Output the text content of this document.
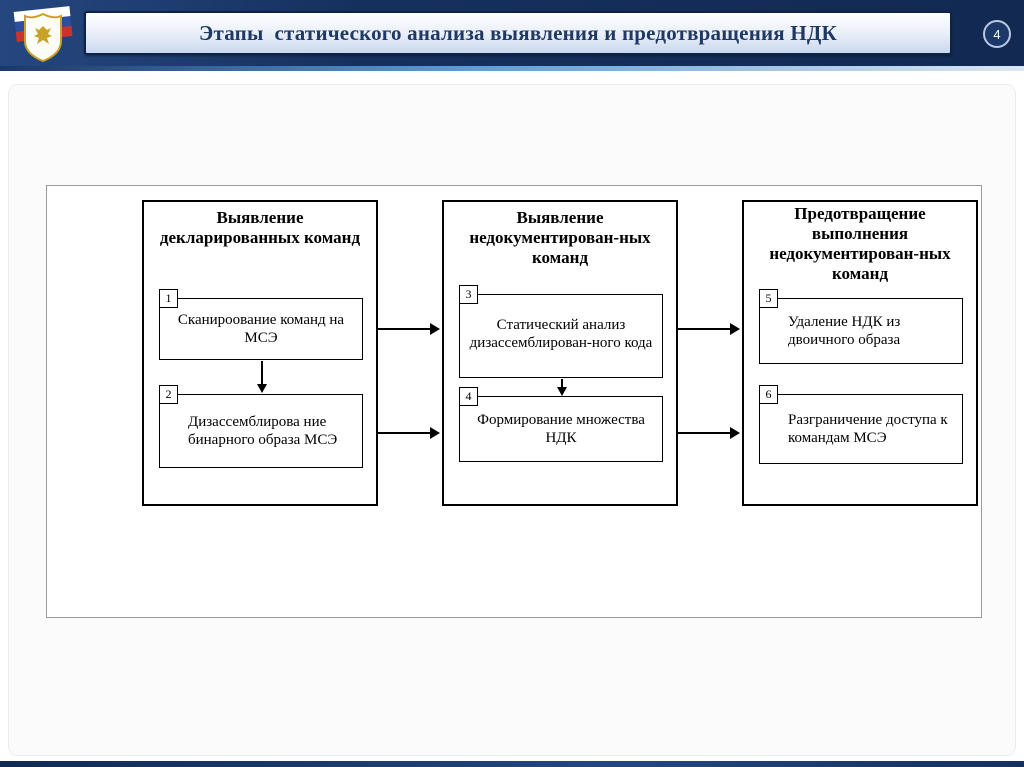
Этапы  статического анализа выявления и предотвращения НДК	4
Выявление декларированных команд
1
Сканироование команд на МСЭ
2
Дизассемблирова ние бинарного образа МСЭ
Выявление недокументирован-ных команд
3
Статический анализ дизассемблирован-ного кода
4
Формирование множества НДК
Предотвращение выполнения недокументирован-ных команд
5
Удаление НДК из двоичного образа
6
Разграничение доступа к командам МСЭ
